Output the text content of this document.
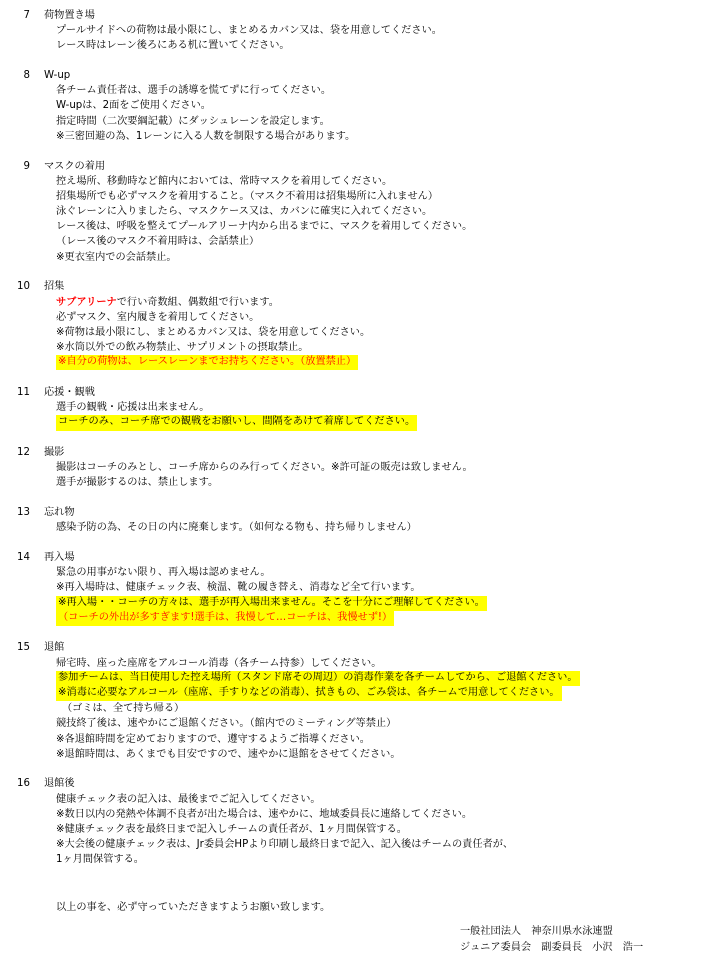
7	荷物置き場
プールサイドへの荷物は最小限にし、まとめるカバン又は、袋を用意してください。
レース時はレーン後ろにある机に置いてください。
8	W-up
各チーム責任者は、選手の誘導を慌てずに行ってください。
W-upは、2面をご使用ください。
指定時間（二次要綱記載）にダッシュレーンを設定します。
※三密回避の為、1レーンに入る人数を制限する場合があります。
9	マスクの着用
控え場所、移動時など館内においては、常時マスクを着用してください。
招集場所でも必ずマスクを着用すること。（マスク不着用は招集場所に入れません）
泳ぐレーンに入りましたら、マスクケース又は、カバンに確実に入れてください。
レース後は、呼吸を整えてプールアリーナ内から出るまでに、マスクを着用してください。
（レース後のマスク不着用時は、会話禁止）
※更衣室内での会話禁止。
10	招集
サブアリーナで行い奇数組、偶数組で行います。
必ずマスク、室内履きを着用してください。
※荷物は最小限にし、まとめるカバン又は、袋を用意してください。
※水筒以外での飲み物禁止、サプリメントの摂取禁止。
※自分の荷物は、レースレーンまでお持ちください。（放置禁止）
11	応援・観戦
選手の観戦・応援は出来ません。
コーチのみ、コーチ席での観戦をお願いし、間隔をあけて着席してください。
12	撮影
撮影はコーチのみとし、コーチ席からのみ行ってください。※許可証の販売は致しません。
選手が撮影するのは、禁止します。
13	忘れ物
感染予防の為、その日の内に廃棄します。（如何なる物も、持ち帰りしません）
14	再入場
緊急の用事がない限り、再入場は認めません。
※再入場時は、健康チェック表、検温、靴の履き替え、消毒など全て行います。
※再入場・・コーチの方々は、選手が再入場出来ません。そこを十分にご理解してください。
（コーチの外出が多すぎます!選手は、我慢して…コーチは、我慢せず!）
15	退館
帰宅時、座った座席をアルコール消毒（各チーム持参）してください。
参加チームは、当日使用した控え場所（スタンド席その周辺）の消毒作業を各チームしてから、ご退館ください。
※消毒に必要なアルコール（座席、手すりなどの消毒）、拭きもの、ごみ袋は、各チームで用意してください。
（ゴミは、全て持ち帰る）
競技終了後は、速やかにご退館ください。（館内でのミーティング等禁止）
※各退館時間を定めておりますので、遵守するようご指導ください。
※退館時間は、あくまでも目安ですので、速やかに退館をさせてください。
16	退館後
健康チェック表の記入は、最後までご記入してください。
※数日以内の発熱や体調不良者が出た場合は、速やかに、地域委員長に連絡してください。
※健康チェック表を最終日まで記入しチームの責任者が、1ヶ月間保管する。
※大会後の健康チェック表は、Jr委員会HPより印刷し最終日まで記入、記入後はチームの責任者が、
1ヶ月間保管する。
以上の事を、必ず守っていただきますようお願い致します。
一般社団法人　神奈川県水泳連盟
ジュニア委員会　副委員長　小沢　浩一
